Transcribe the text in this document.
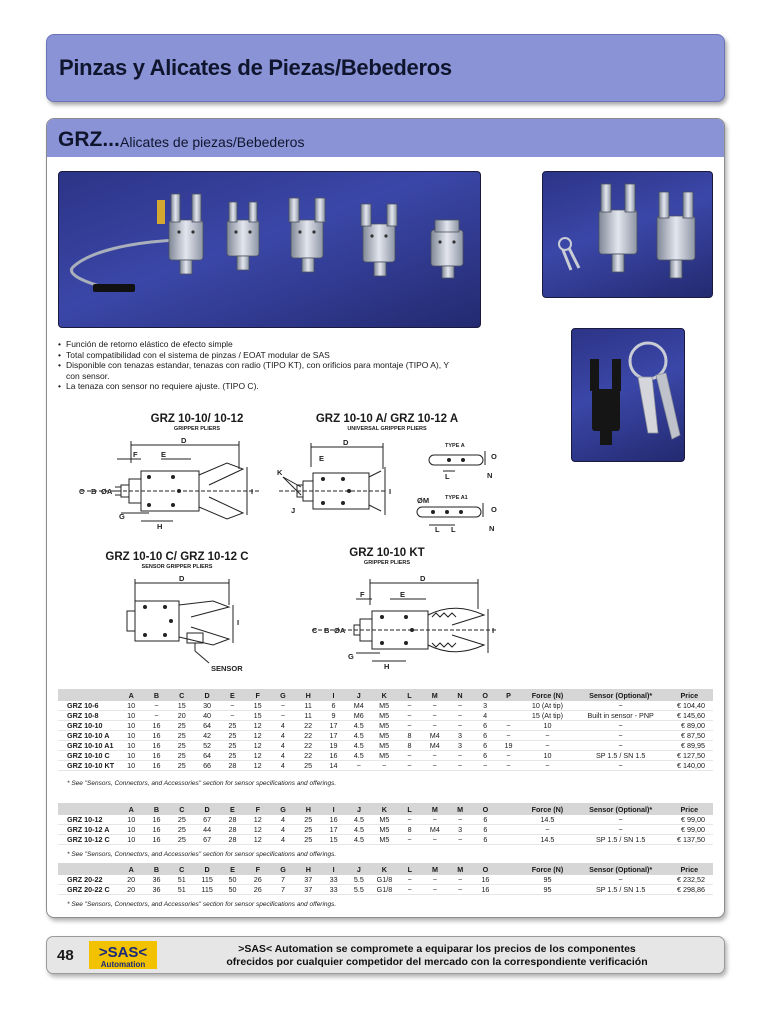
Pinzas y Alicates de Piezas/Bebederos
GRZ... Alicates de piezas/Bebederos
• Función de retorno elástico de efecto simple
• Total compatibilidad con el sistema de pinzas / EOAT modular de SAS
• Disponible con tenazas estandar, tenazas con radio (TIPO KT), con orificios para montaje (TIPO A), Y con sensor.
• La tenaza con sensor no requiere ajuste. (TIPO C).
GRZ 10-10/ 10-12
GRIPPER PLIERS
D
F	E
C B ØA	I
G
H
GRZ 10-10 A/ GRZ 10-12 A
UNIVERSAL GRIPPER PLIERS
D
E
K
J
I
L
O
N
ØM
O
N
L L
TYPE A
TYPE A1
GRZ 10-10 C/ GRZ 10-12 C
SENSOR GRIPPER PLIERS
D
I
SENSOR
GRZ 10-10 KT
GRIPPER PLIERS
D
F	E
C B ØA	I
G
H
	A	B	C	D	E	F	G	H	I	J	K	L	M	N	O	P	Force (N)	Sensor (Optional)*	Price
GRZ 10-6	10	~	15	30	~	15	~	11	6	M4	M5	~	~	~	3		10 (At tip)	~	€ 104,40
GRZ 10-8	10	~	20	40	~	15	~	11	9	M6	M5	~	~	~	4		15 (At tip)	Built in sensor - PNP	€ 145,60
GRZ 10-10	10	16	25	64	25	12	4	22	17	4.5	M5	~	~	~	6	~	10	~	€ 89,00
GRZ 10-10 A	10	16	25	42	25	12	4	22	17	4.5	M5	8	M4	3	6	~	~	~	€ 87,50
GRZ 10-10 A1	10	16	25	52	25	12	4	22	19	4.5	M5	8	M4	3	6	19	~	~	€ 89,95
GRZ 10-10 C	10	16	25	64	25	12	4	22	16	4.5	M5	~	~	~	6	~	10	SP 1.5 / SN 1.5	€ 127,50
GRZ 10-10 KT	10	16	25	66	28	12	4	25	14	~	~	~	~	~	~	~	~	~	€ 140,00
* See "Sensors, Connectors, and Accessories" section for sensor specifications and offerings.
	A	B	C	D	E	F	G	H	I	J	K	L	M	M	O		Force (N)	Sensor (Optional)*	Price
GRZ 10-12	10	16	25	67	28	12	4	25	16	4.5	M5	~	~	~	6		14.5	~	€ 99,00
GRZ 10-12 A	10	16	25	44	28	12	4	25	17	4.5	M5	8	M4	3	6		~	~	€ 99,00
GRZ 10-12 C	10	16	25	67	28	12	4	25	15	4.5	M5	~	~	~	6		14.5	SP 1.5 / SN 1.5	€ 137,50
* See "Sensors, Connectors, and Accessories" section for sensor specifications and offerings.
	A	B	C	D	E	F	G	H	I	J	K	L	M	M	O		Force (N)	Sensor (Optional)*	Price
GRZ 20-22	20	36	51	115	50	26	7	37	33	5.5	G1/8	~	~	~	16		95	~	€ 232,52
GRZ 20-22 C	20	36	51	115	50	26	7	37	33	5.5	G1/8	~	~	~	16		95	SP 1.5 / SN 1.5	€ 298,86
* See "Sensors, Connectors, and Accessories" section for sensor specifications and offerings.
48 >SAS<
Automation
>SAS< Automation se compromete a equiparar los precios de los componentes
ofrecidos por cualquier competidor del mercado con la correspondiente verificación
